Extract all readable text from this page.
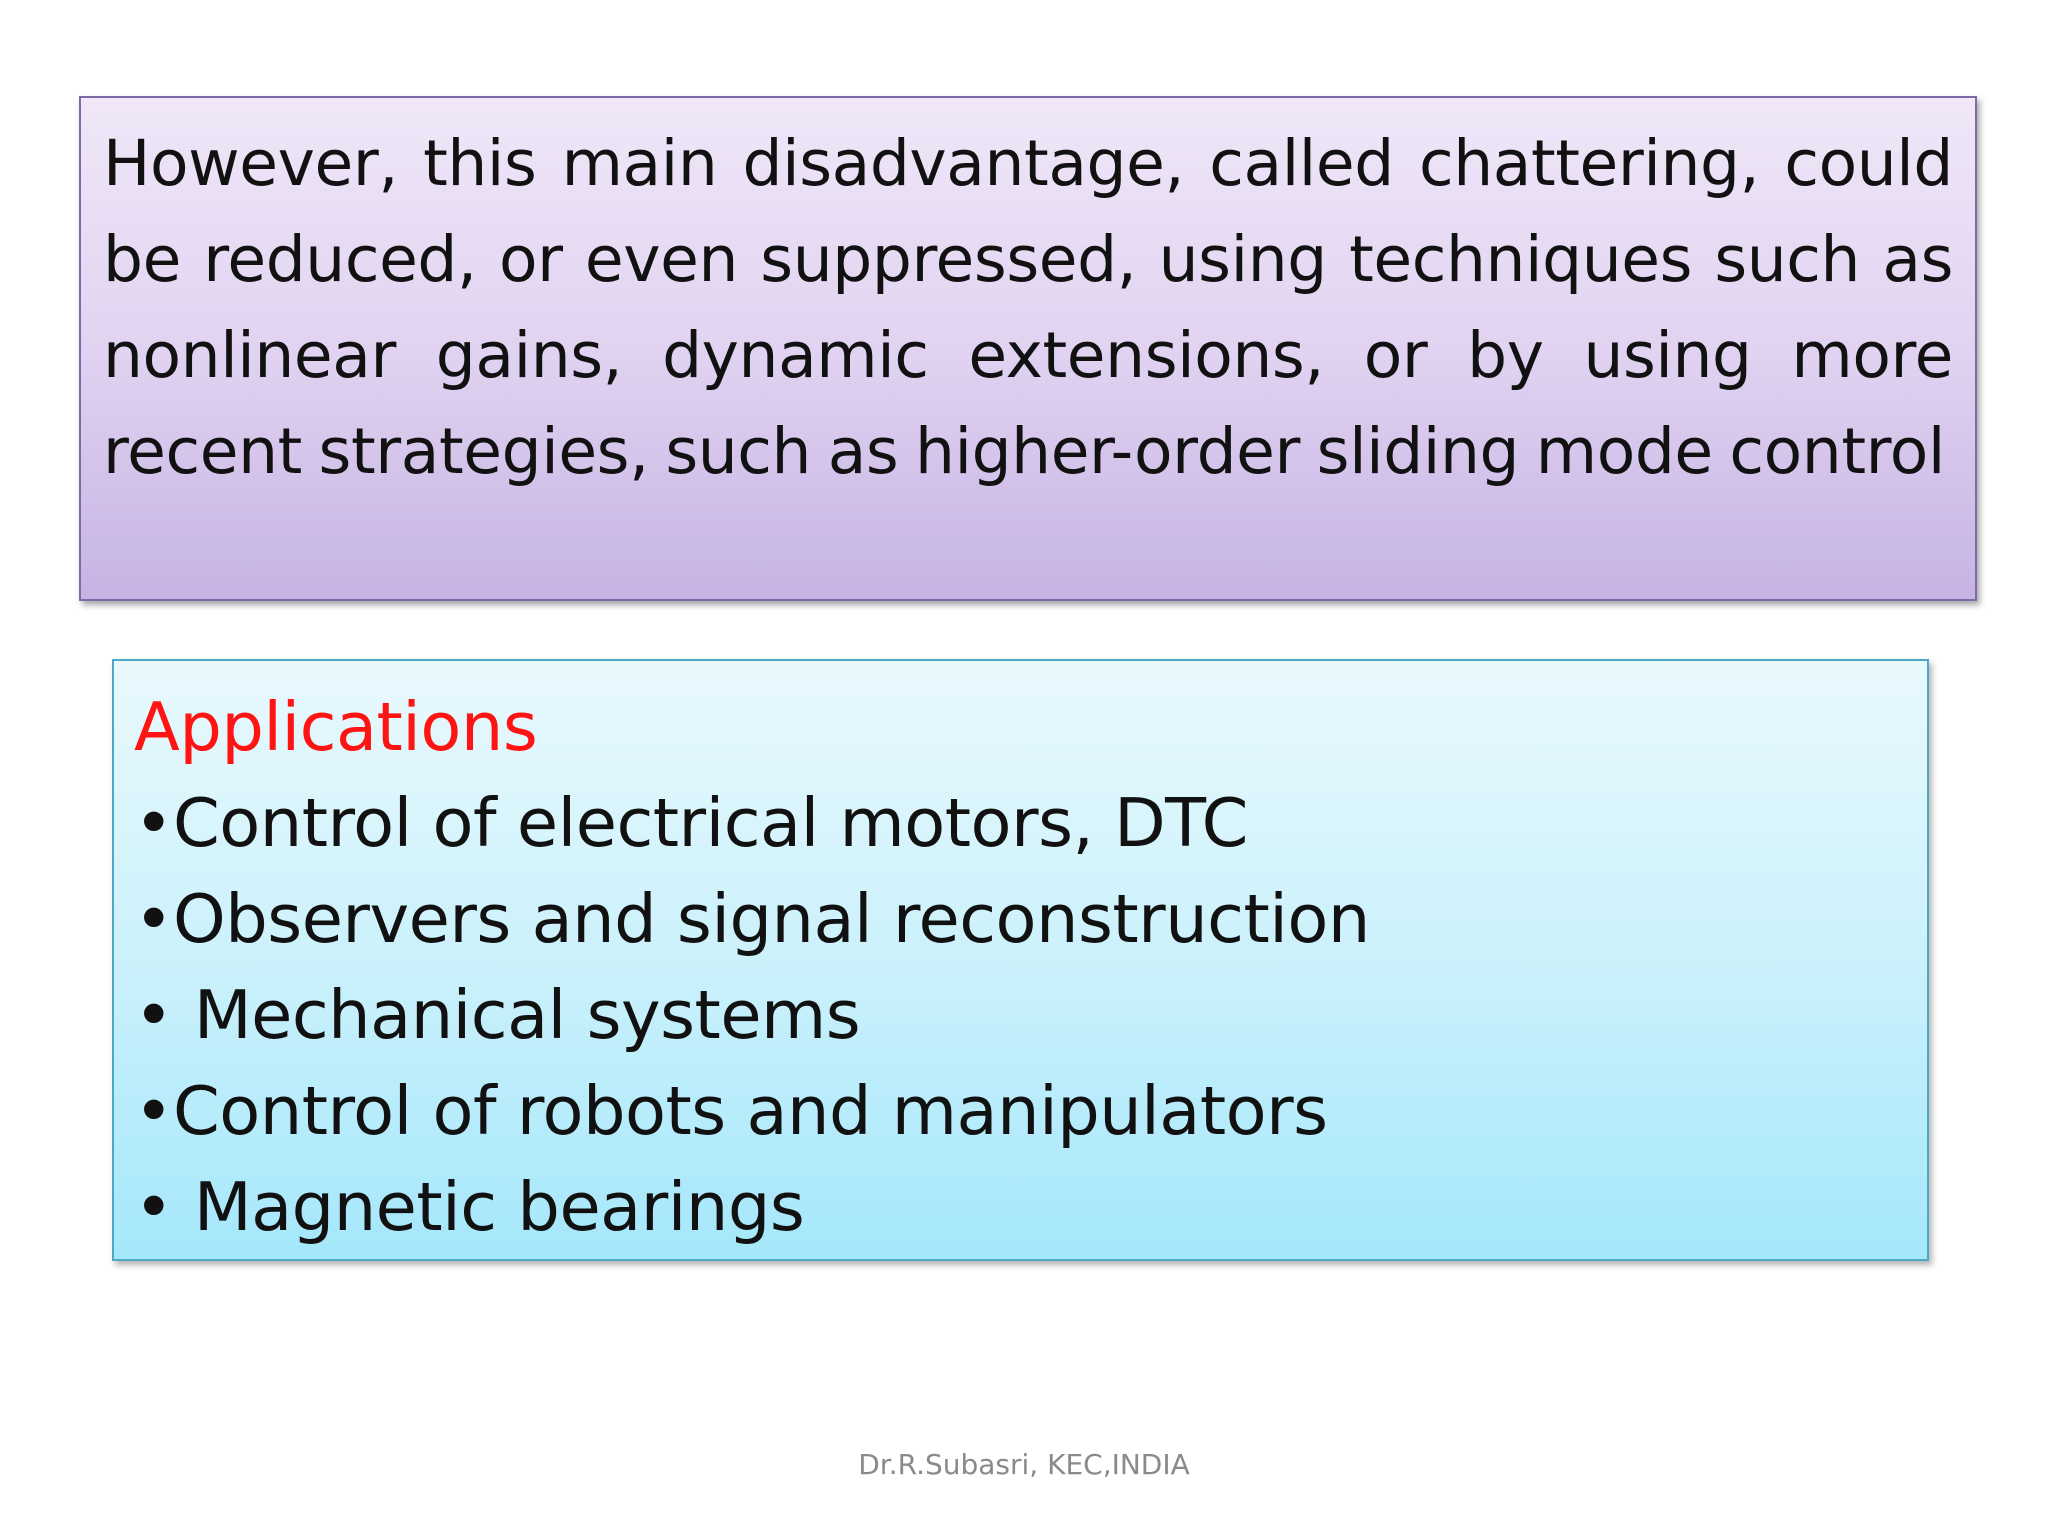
However, this main disadvantage, called chattering, could be reduced, or even suppressed, using techniques such as nonlinear gains, dynamic extensions, or by using more recent strategies, such as higher-order sliding mode control

Applications
•Control of electrical motors, DTC
•Observers and signal reconstruction
• Mechanical systems
•Control of robots and manipulators
• Magnetic bearings
Dr.R.Subasri, KEC,INDIA
